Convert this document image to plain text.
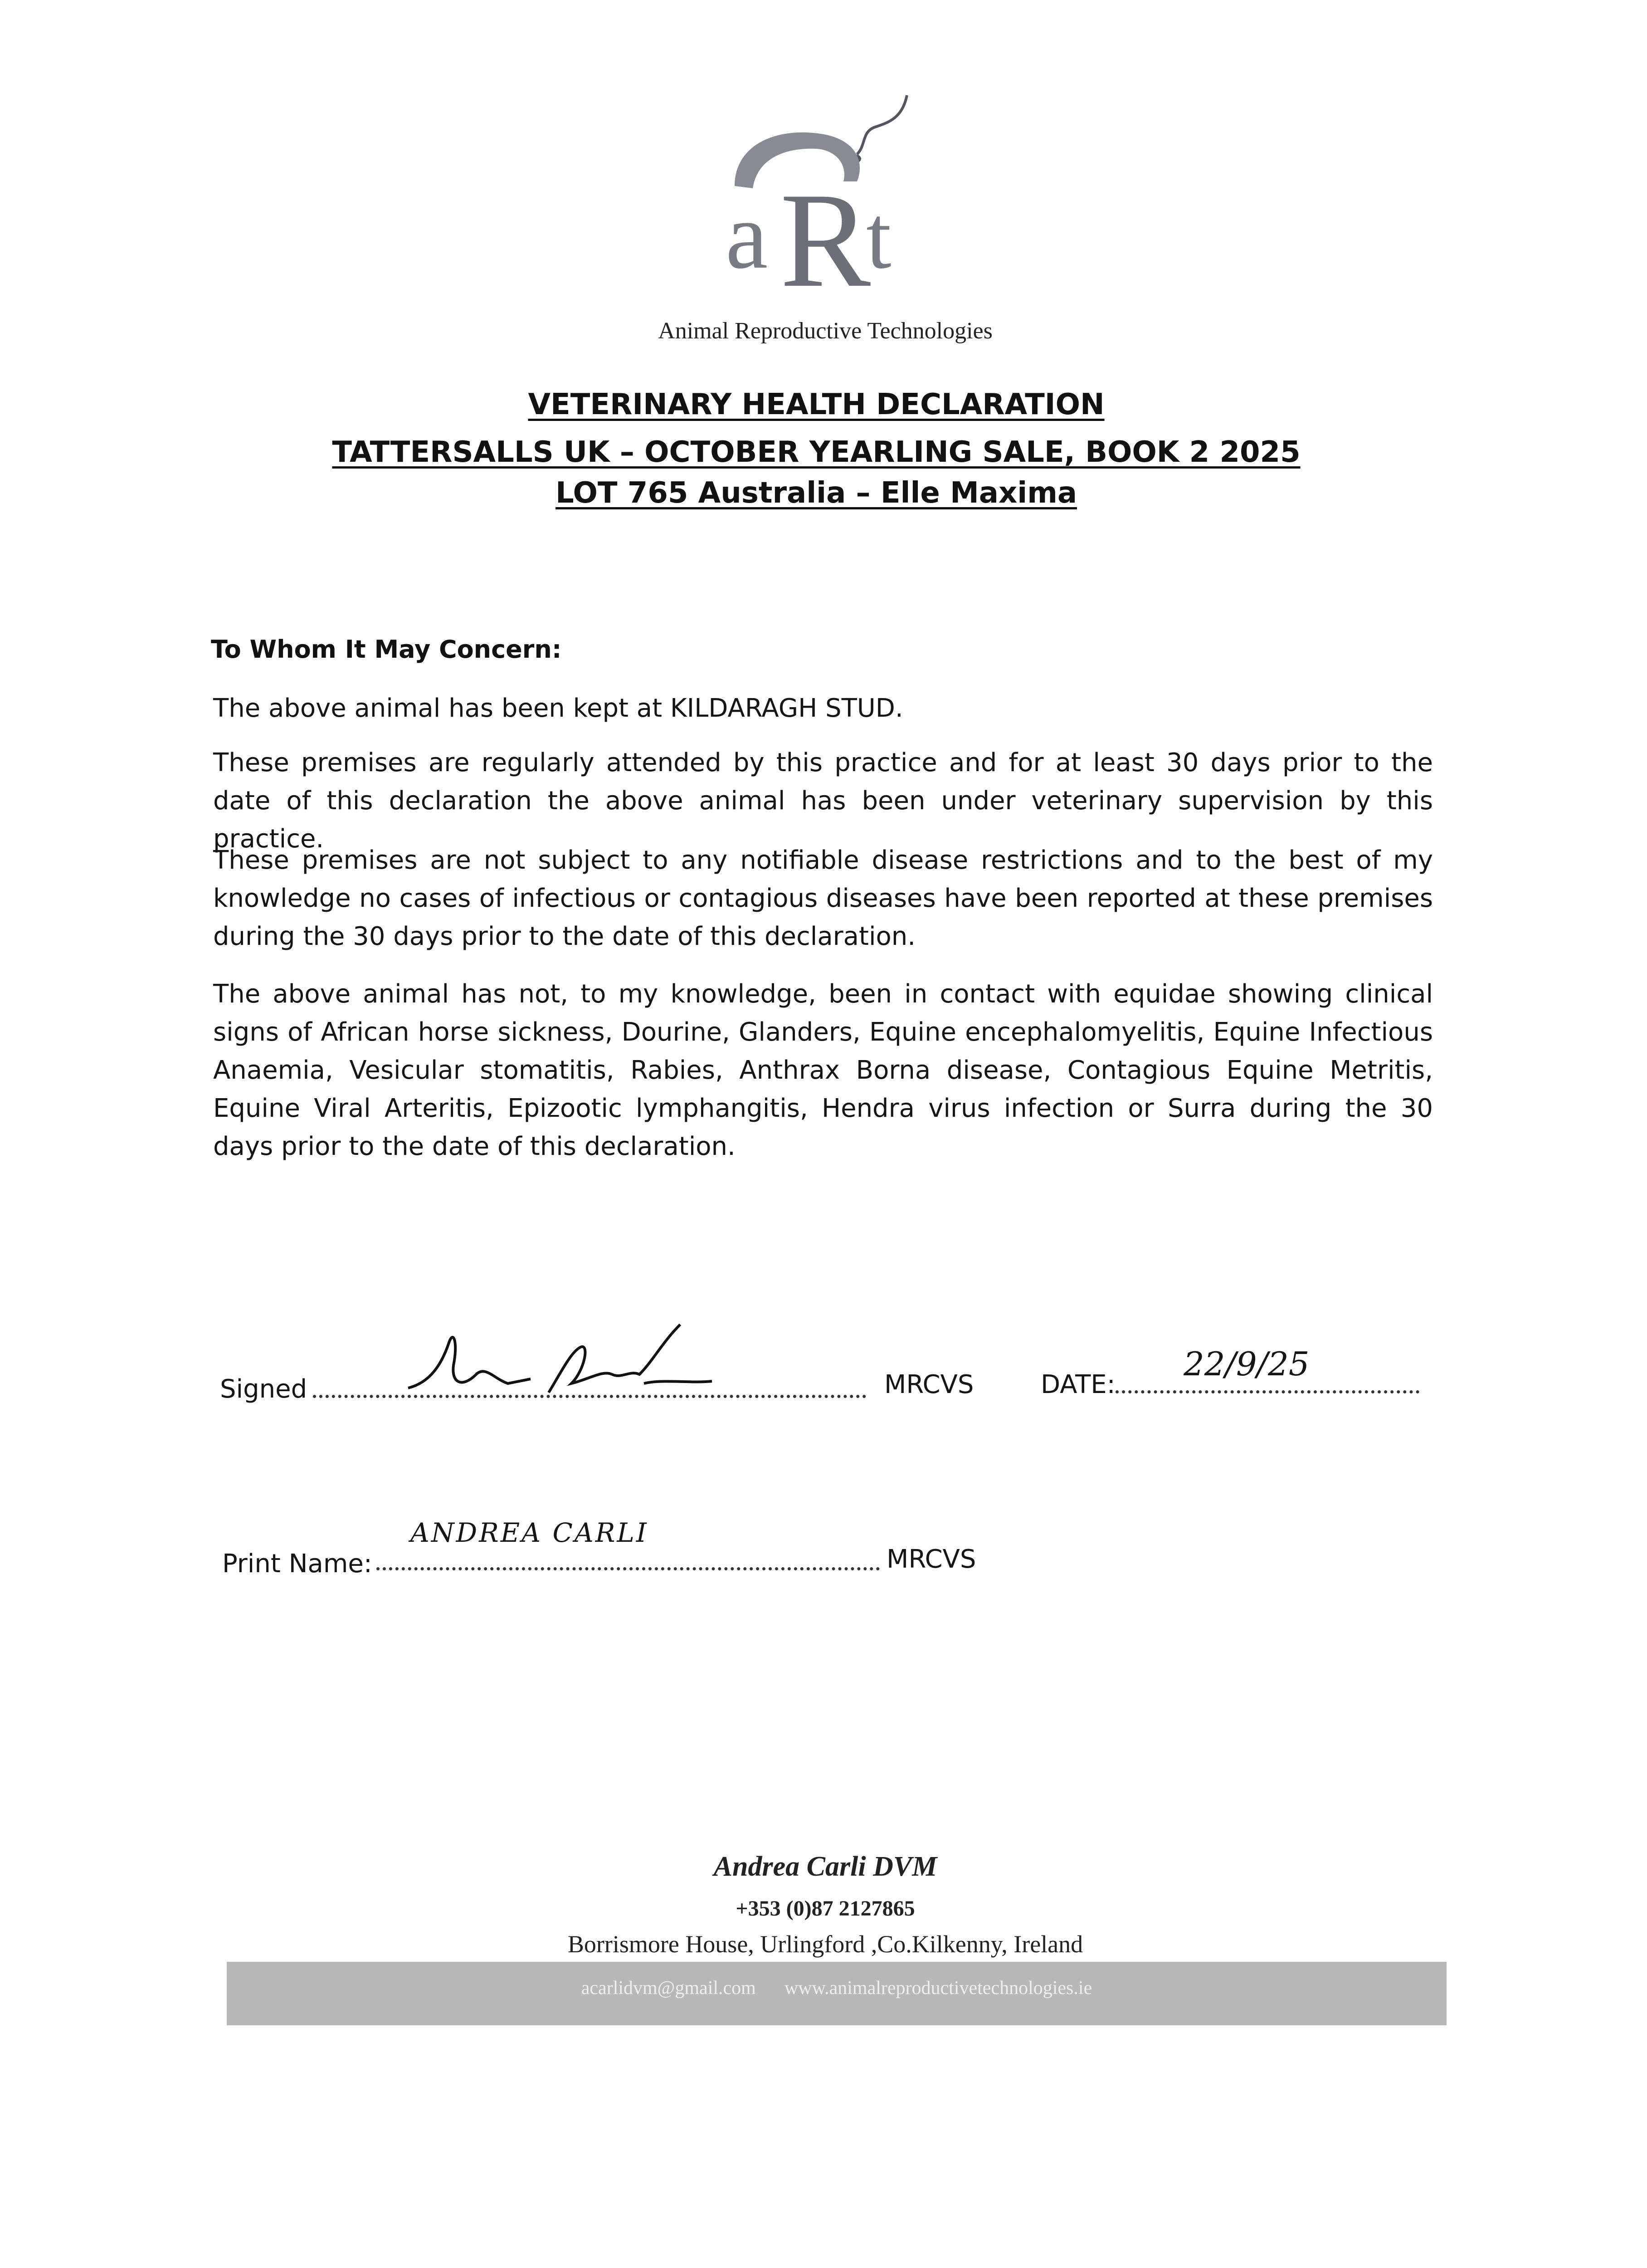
a R
t
Animal Reproductive Technologies
VETERINARY HEALTH DECLARATION
TATTERSALLS UK – OCTOBER YEARLING SALE, BOOK 2 2025
LOT 765 Australia – Elle Maxima
To Whom It May Concern:
The above animal has been kept at KILDARAGH STUD.
These premises are regularly attended by this practice and for at least 30 days prior to the date of this declaration the above animal has been under veterinary supervision by this practice.
These premises are not subject to any notifiable disease restrictions and to the best of my knowledge no cases of infectious or contagious diseases have been reported at these premises during the 30 days prior to the date of this declaration.
The above animal has not, to my knowledge, been in contact with equidae showing clinical signs of African horse sickness, Dourine, Glanders, Equine encephalomyelitis, Equine Infectious Anaemia, Vesicular stomatitis, Rabies, Anthrax Borna disease, Contagious Equine Metritis, Equine Viral Arteritis, Epizootic lymphangitis, Hendra virus infection or Surra during the 30 days prior to the date of this declaration.
Signed	MRCVS	DATE:
22/9/25
Print Name:
ANDREA CARLI
MRCVS
Andrea Carli DVM
+353 (0)87 2127865
Borrismore House, Urlingford ,Co.Kilkenny, Ireland
acarlidvm@gmail.com www.animalreproductivetechnologies.ie
